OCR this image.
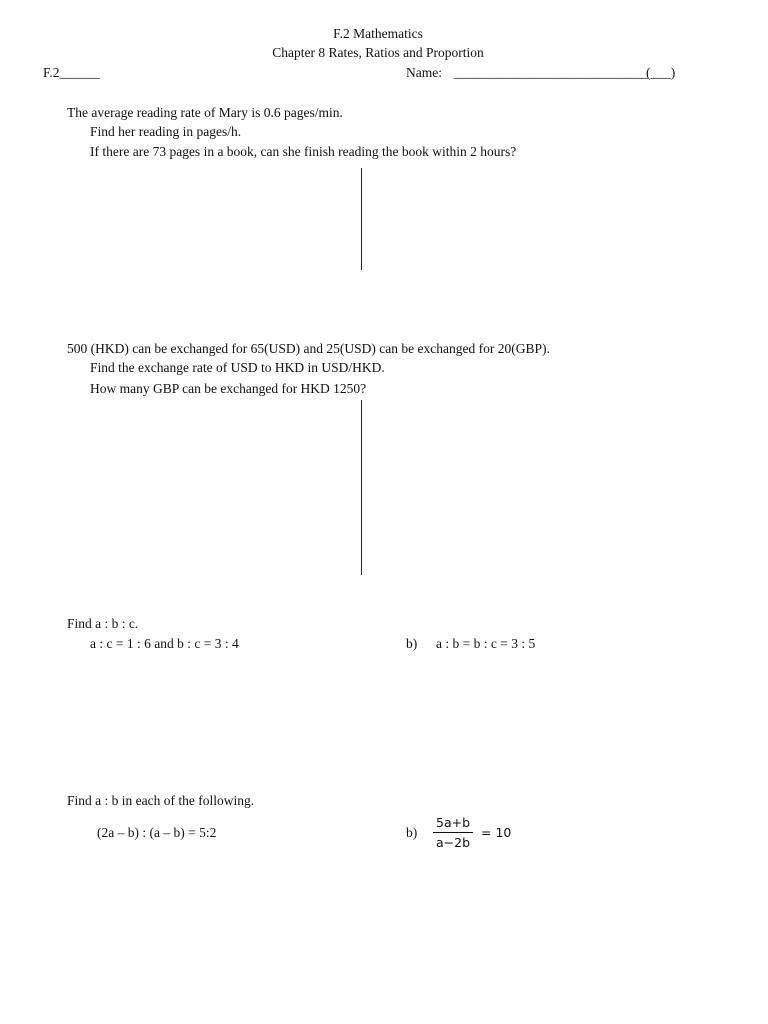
F.2 Mathematics
Chapter 8 Rates, Ratios and Proportion
F.2______	Name: ______________________________
(___)
The average reading rate of Mary is 0.6 pages/min.
Find her reading in pages/h.
If there are 73 pages in a book, can she finish reading the book within 2 hours?
500 (HKD) can be exchanged for 65(USD) and 25(USD) can be exchanged for 20(GBP).
Find the exchange rate of USD to HKD in USD/HKD.
How many GBP can be exchanged for HKD 1250?
Find a : b : c.
a : c = 1 : 6 and b : c = 3 : 4	b) a : b = b : c = 3 : 5
Find a : b in each of the following.
(2a – b) : (a – b) = 5:2	$b) \frac{5a+b}{a-2b} = 10$
